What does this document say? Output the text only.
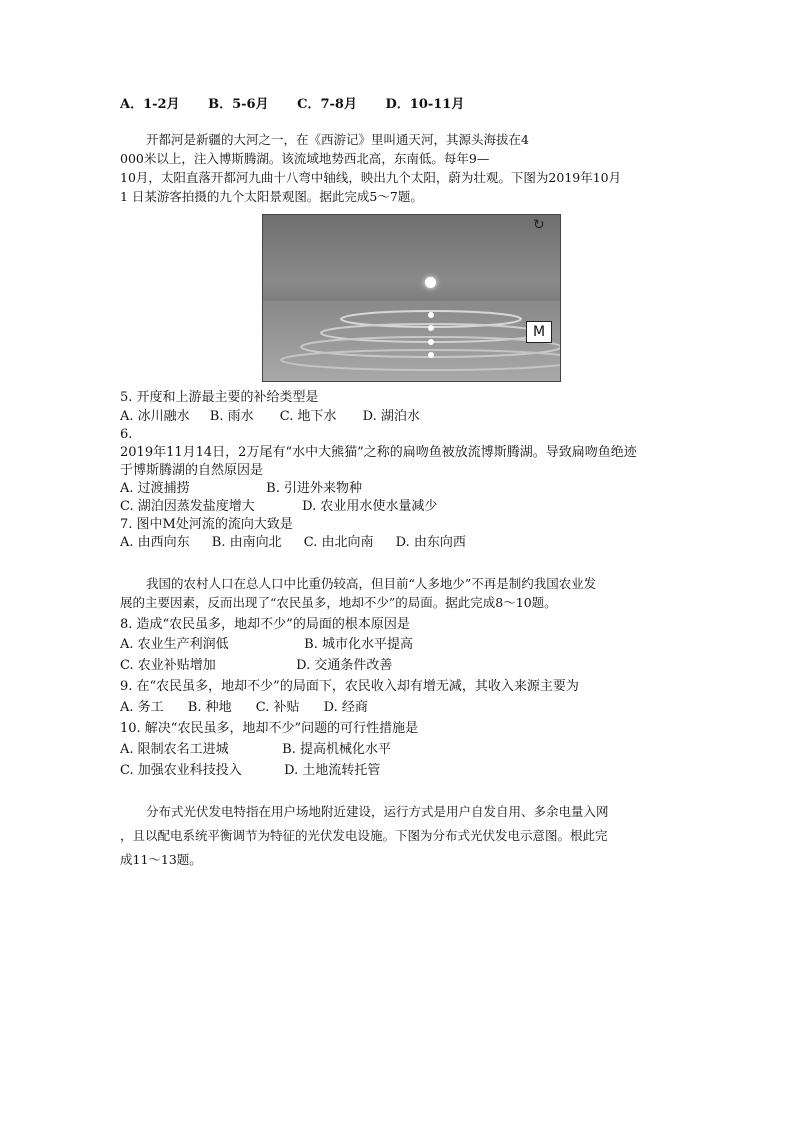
A．1-2月 B．5-6月 C．7-8月 D．10-11月
开都河是新疆的大河之一，在《西游记》里叫通天河，其源头海拔在4
000米以上，注入博斯腾湖。该流域地势西北高，东南低。每年9—
10月，太阳直落开都河九曲十八弯中轴线，映出九个太阳，蔚为壮观。下图为2019年10月
1 日某游客拍摄的九个太阳景观图。据此完成5～7题。
↻
M
5. 开度和上游最主要的补给类型是
A. 冰川融水 B. 雨水 C. 地下水 D. 湖泊水
6.
2019年11月14日，2万尾有“水中大熊猫”之称的扁吻鱼被放流博斯腾湖。导致扁吻鱼绝迹
于博斯腾湖的自然原因是
A. 过渡捕捞	B. 引进外来物种
C. 湖泊因蒸发盐度增大	D. 农业用水使水量减少
7. 图中M处河流的流向大致是
A. 由西向东 B. 由南向北 C. 由北向南 D. 由东向西
我国的农村人口在总人口中比重仍较高，但目前“人多地少”不再是制约我国农业发
展的主要因素，反而出现了“农民虽多，地却不少”的局面。据此完成8～10题。
8. 造成“农民虽多，地却不少”的局面的根本原因是
A. 农业生产利润低	B. 城市化水平提高
C. 农业补贴增加	D. 交通条件改善
9. 在“农民虽多，地却不少”的局面下，农民收入却有增无减，其收入来源主要为
A. 务工 B. 种地 C. 补贴 D. 经商
10. 解决“农民虽多，地却不少”问题的可行性措施是
A. 限制农名工进城	B. 提高机械化水平
C. 加强农业科技投入	D. 土地流转托管
分布式光伏发电特指在用户场地附近建设，运行方式是用户自发自用、多余电量入网
，且以配电系统平衡调节为特征的光伏发电设施。下图为分布式光伏发电示意图。根此完
成11～13题。
